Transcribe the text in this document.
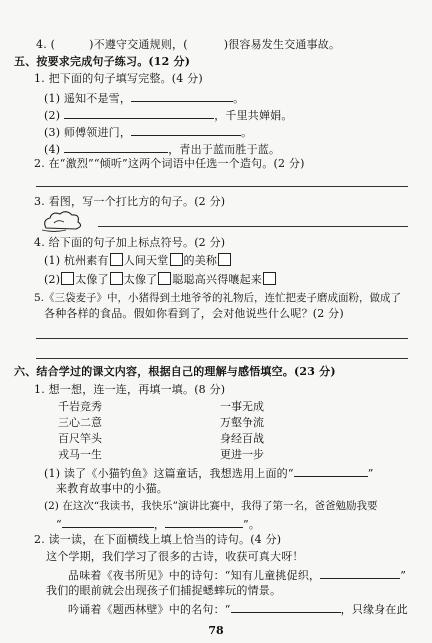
4. (	)不遵守交通规则，(	)很容易发生交通事故。
五、按要求完成句子练习。(12 分)
1. 把下面的句子填写完整。(4 分)
(1) 遥知不是雪，	。
(2)	，千里共婵娟。
(3) 师傅领进门，	。
(4)	，青出于蓝而胜于蓝。
2. 在“激烈”“倾听”这两个词语中任选一个造句。(2 分)
3. 看图，写一个打比方的句子。(2 分)
4. 给下面的句子加上标点符号。(2 分)
(1) 杭州素有 人间天堂 的美称
(2) 太像了 太像了 聪聪高兴得嚷起来
5.《三袋麦子》中，小猪得到土地爷爷的礼物后，连忙把麦子磨成面粉，做成了
各种各样的食品。假如你看到了，会对他说些什么呢？(2 分)
六、结合学过的课文内容，根据自己的理解与感悟填空。(23 分)
1. 想一想，连一连，再填一填。(8 分)
千岩竞秀
三心二意
百尺竿头
戎马一生
一事无成
万壑争流
身经百战
更进一步
(1) 读了《小猫钓鱼》这篇童话，我想选用上面的“	”
来教育故事中的小猫。
(2) 在这次“我读书，我快乐”演讲比赛中，我得了第一名，爸爸勉励我要
“	，	”。
2. 读一读，在下面横线上填上恰当的诗句。(4 分)
这个学期，我们学习了很多的古诗，收获可真大呀！
品味着《夜书所见》中的诗句：“知有儿童挑促织，	”
我们的眼前就会出现孩子们捕捉蟋蟀玩的情景。
吟诵着《题西林壁》中的名句：“	，只缘身在此
78
